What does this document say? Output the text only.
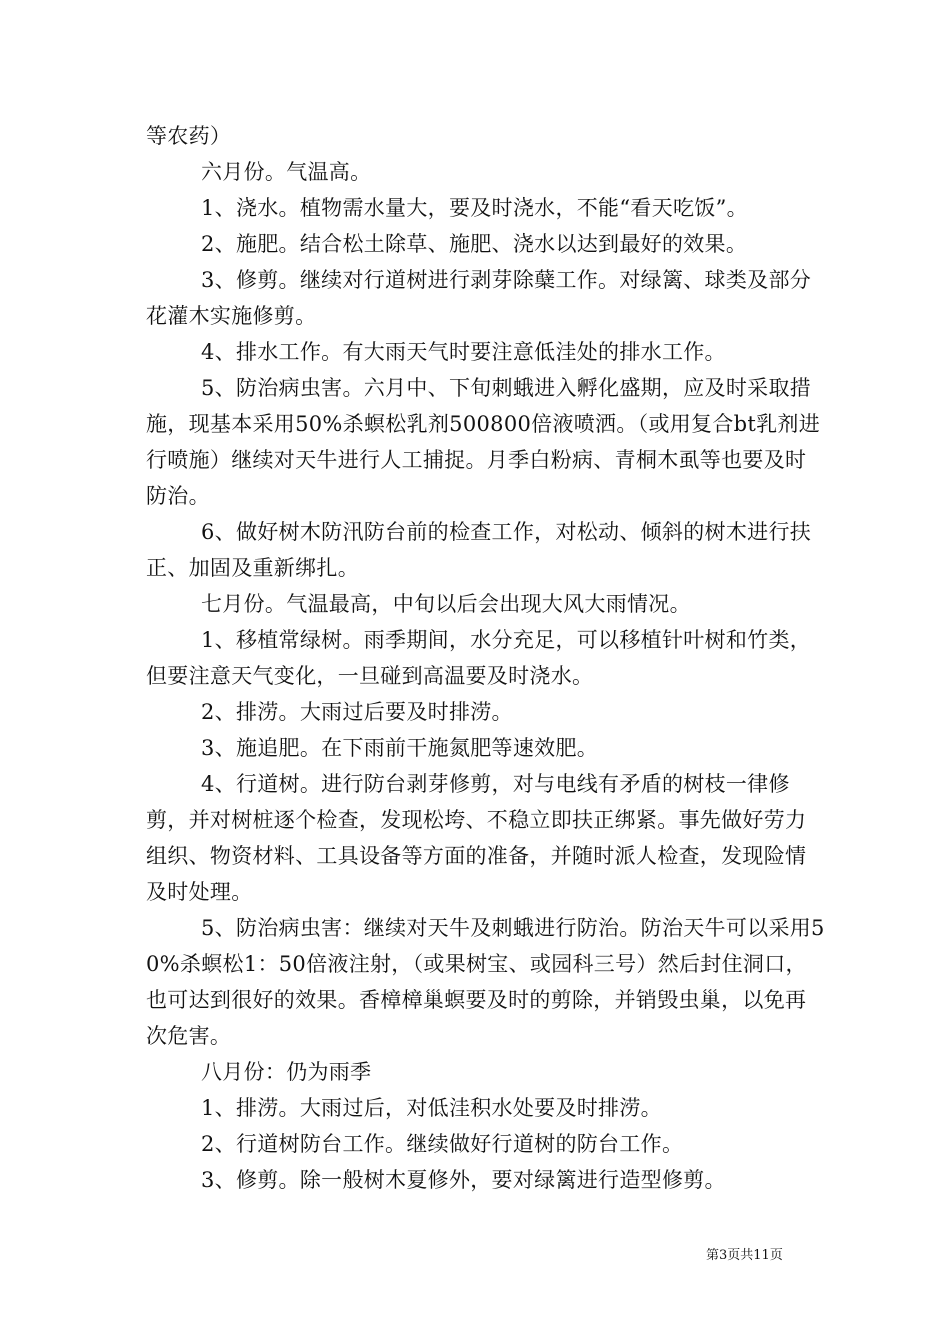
等农药）

六月份。气温高。

1、浇水。植物需水量大，要及时浇水，不能“看天吃饭”。

2、施肥。结合松土除草、施肥、浇水以达到最好的效果。

3、修剪。继续对行道树进行剥芽除蘖工作。对绿篱、球类及部分花灌木实施修剪。

4、排水工作。有大雨天气时要注意低洼处的排水工作。

5、防治病虫害。六月中、下旬刺蛾进入孵化盛期，应及时采取措施，现基本采用50%杀螟松乳剂500800倍液喷洒。（或用复合bt乳剂进行喷施）继续对天牛进行人工捕捉。月季白粉病、青桐木虱等也要及时防治。

6、做好树木防汛防台前的检查工作，对松动、倾斜的树木进行扶正、加固及重新绑扎。

七月份。气温最高，中旬以后会出现大风大雨情况。

1、移植常绿树。雨季期间，水分充足，可以移植针叶树和竹类，但要注意天气变化，一旦碰到高温要及时浇水。

2、排涝。大雨过后要及时排涝。

3、施追肥。在下雨前干施氮肥等速效肥。

4、行道树。进行防台剥芽修剪，对与电线有矛盾的树枝一律修剪，并对树桩逐个检查，发现松垮、不稳立即扶正绑紧。事先做好劳力组织、物资材料、工具设备等方面的准备，并随时派人检查，发现险情及时处理。

5、防治病虫害：继续对天牛及刺蛾进行防治。防治天牛可以采用50%杀螟松1：50倍液注射，（或果树宝、或园科三号）然后封住洞口，也可达到很好的效果。香樟樟巢螟要及时的剪除，并销毁虫巢，以免再次危害。

八月份：仍为雨季

1、排涝。大雨过后，对低洼积水处要及时排涝。

2、行道树防台工作。继续做好行道树的防台工作。

3、修剪。除一般树木夏修外，要对绿篱进行造型修剪。

第3页共11页
